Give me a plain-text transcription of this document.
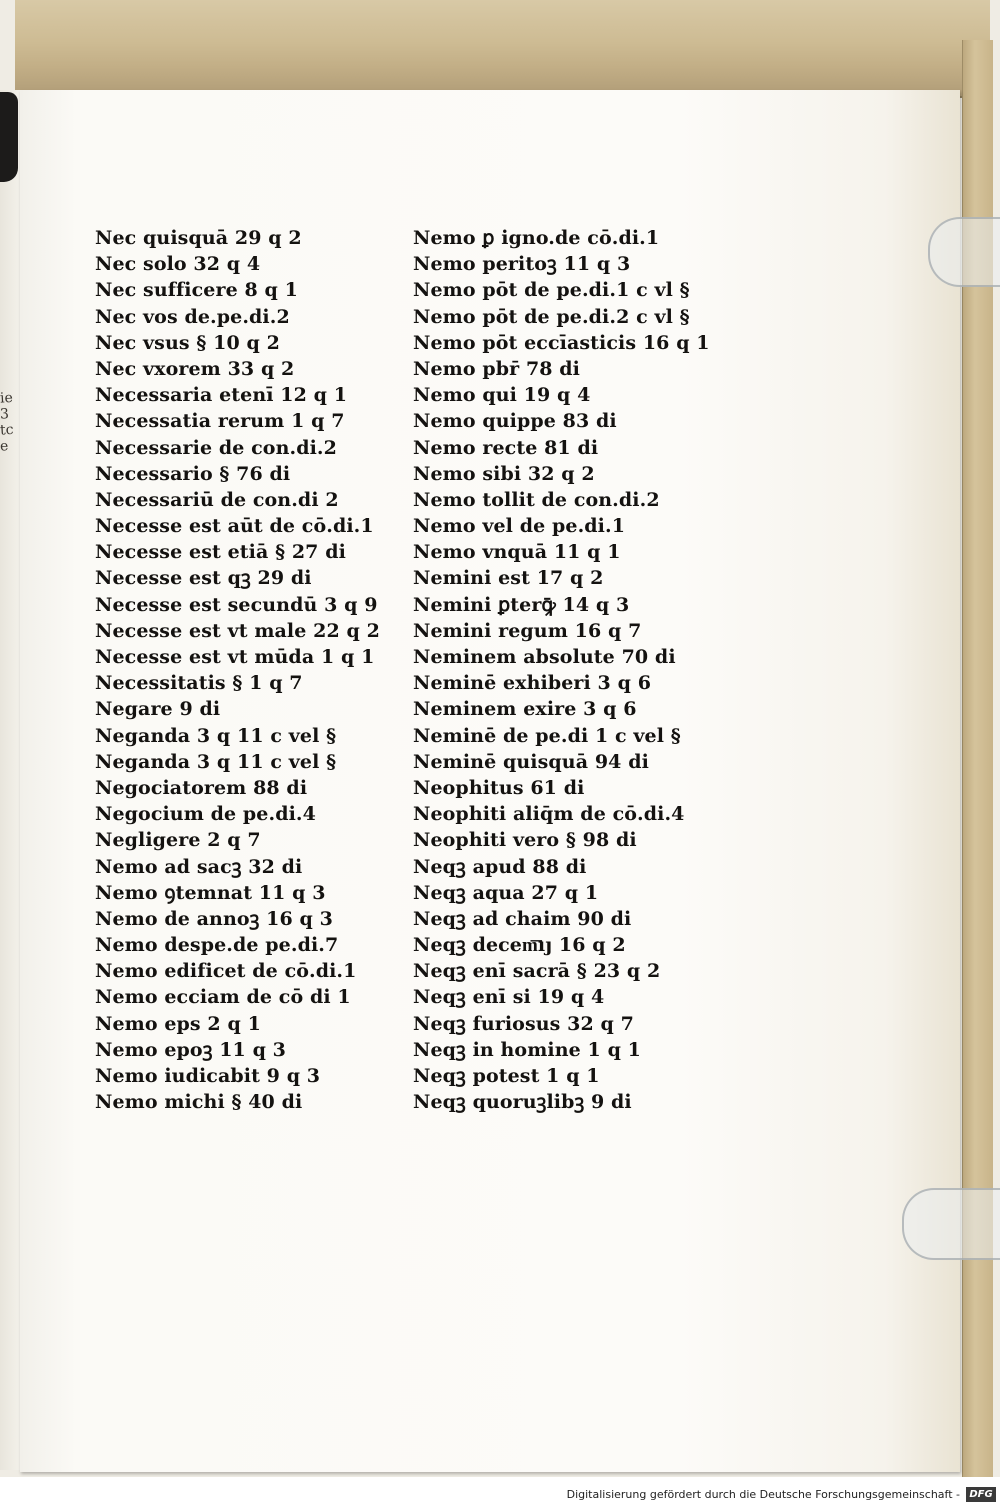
ie
3
tc
e
Nec quisquā 29 q 2
Nec solo 32 q 4
Nec sufficere 8 q 1
Nec vos de.pe.di.2
Nec vsus § 10 q 2
Nec vxorem 33 q 2
Necessaria etenī 12 q 1
Necessatia rerum 1 q 7
Necessarie de con.di.2
Necessario § 76 di
Necessariū de con.di 2
Necesse est aūt de cō.di.1
Necesse est etiā § 27 di
Necesse est qꝫ 29 di
Necesse est secundū 3 q 9
Necesse est vt male 22 q 2
Necesse est vt mūda 1 q 1
Necessitatis § 1 q 7
Negare 9 di
Neganda 3 q 11 c vel §
Neganda 3 q 11 c vel §
Negociatorem 88 di
Negocium de pe.di.4
Negligere 2 q 7
Nemo ad sacꝫ 32 di
Nemo ꝯtemnat 11 q 3
Nemo de annoꝫ 16 q 3
Nemo despe.de pe.di.7
Nemo edificet de cō.di.1
Nemo ecciam de cō di 1
Nemo eps 2 q 1
Nemo epoꝫ 11 q 3
Nemo iudicabit 9 q 3
Nemo michi § 40 di
Nemo ꝑ igno.de cō.di.1
Nemo peritoꝫ 11 q 3
Nemo pōt de pe.di.1 c vl §
Nemo pōt de pe.di.2 c vl §
Nemo pōt eccīasticis 16 q 1
Nemo pbr̄ 78 di
Nemo qui 19 q 4
Nemo quippe 83 di
Nemo recte 81 di
Nemo sibi 32 q 2
Nemo tollit de con.di.2
Nemo vel de pe.di.1
Nemo vnquā 11 q 1
Nemini est 17 q 2
Nemini ꝑterꝙ̄ 14 q 3
Nemini regum 16 q 7
Neminem absolute 70 di
Neminē exhiberi 3 q 6
Neminem exire 3 q 6
Neminē de pe.di 1 c vel §
Neminē quisquā 94 di
Neophitus 61 di
Neophiti aliq̄m de cō.di.4
Neophiti vero § 98 di
Neqꝫ apud 88 di
Neqꝫ aqua 27 q 1
Neqꝫ ad chaim 90 di
Neqꝫ decem͞ıȷ 16 q 2
Neqꝫ enī sacrā § 23 q 2
Neqꝫ enī si 19 q 4
Neqꝫ furiosus 32 q 7
Neqꝫ in homine 1 q 1
Neqꝫ potest 1 q 1
Neqꝫ quoruꝫlibꝫ 9 di
Digitalisierung gefördert durch die Deutsche Forschungsgemeinschaft - DFG
